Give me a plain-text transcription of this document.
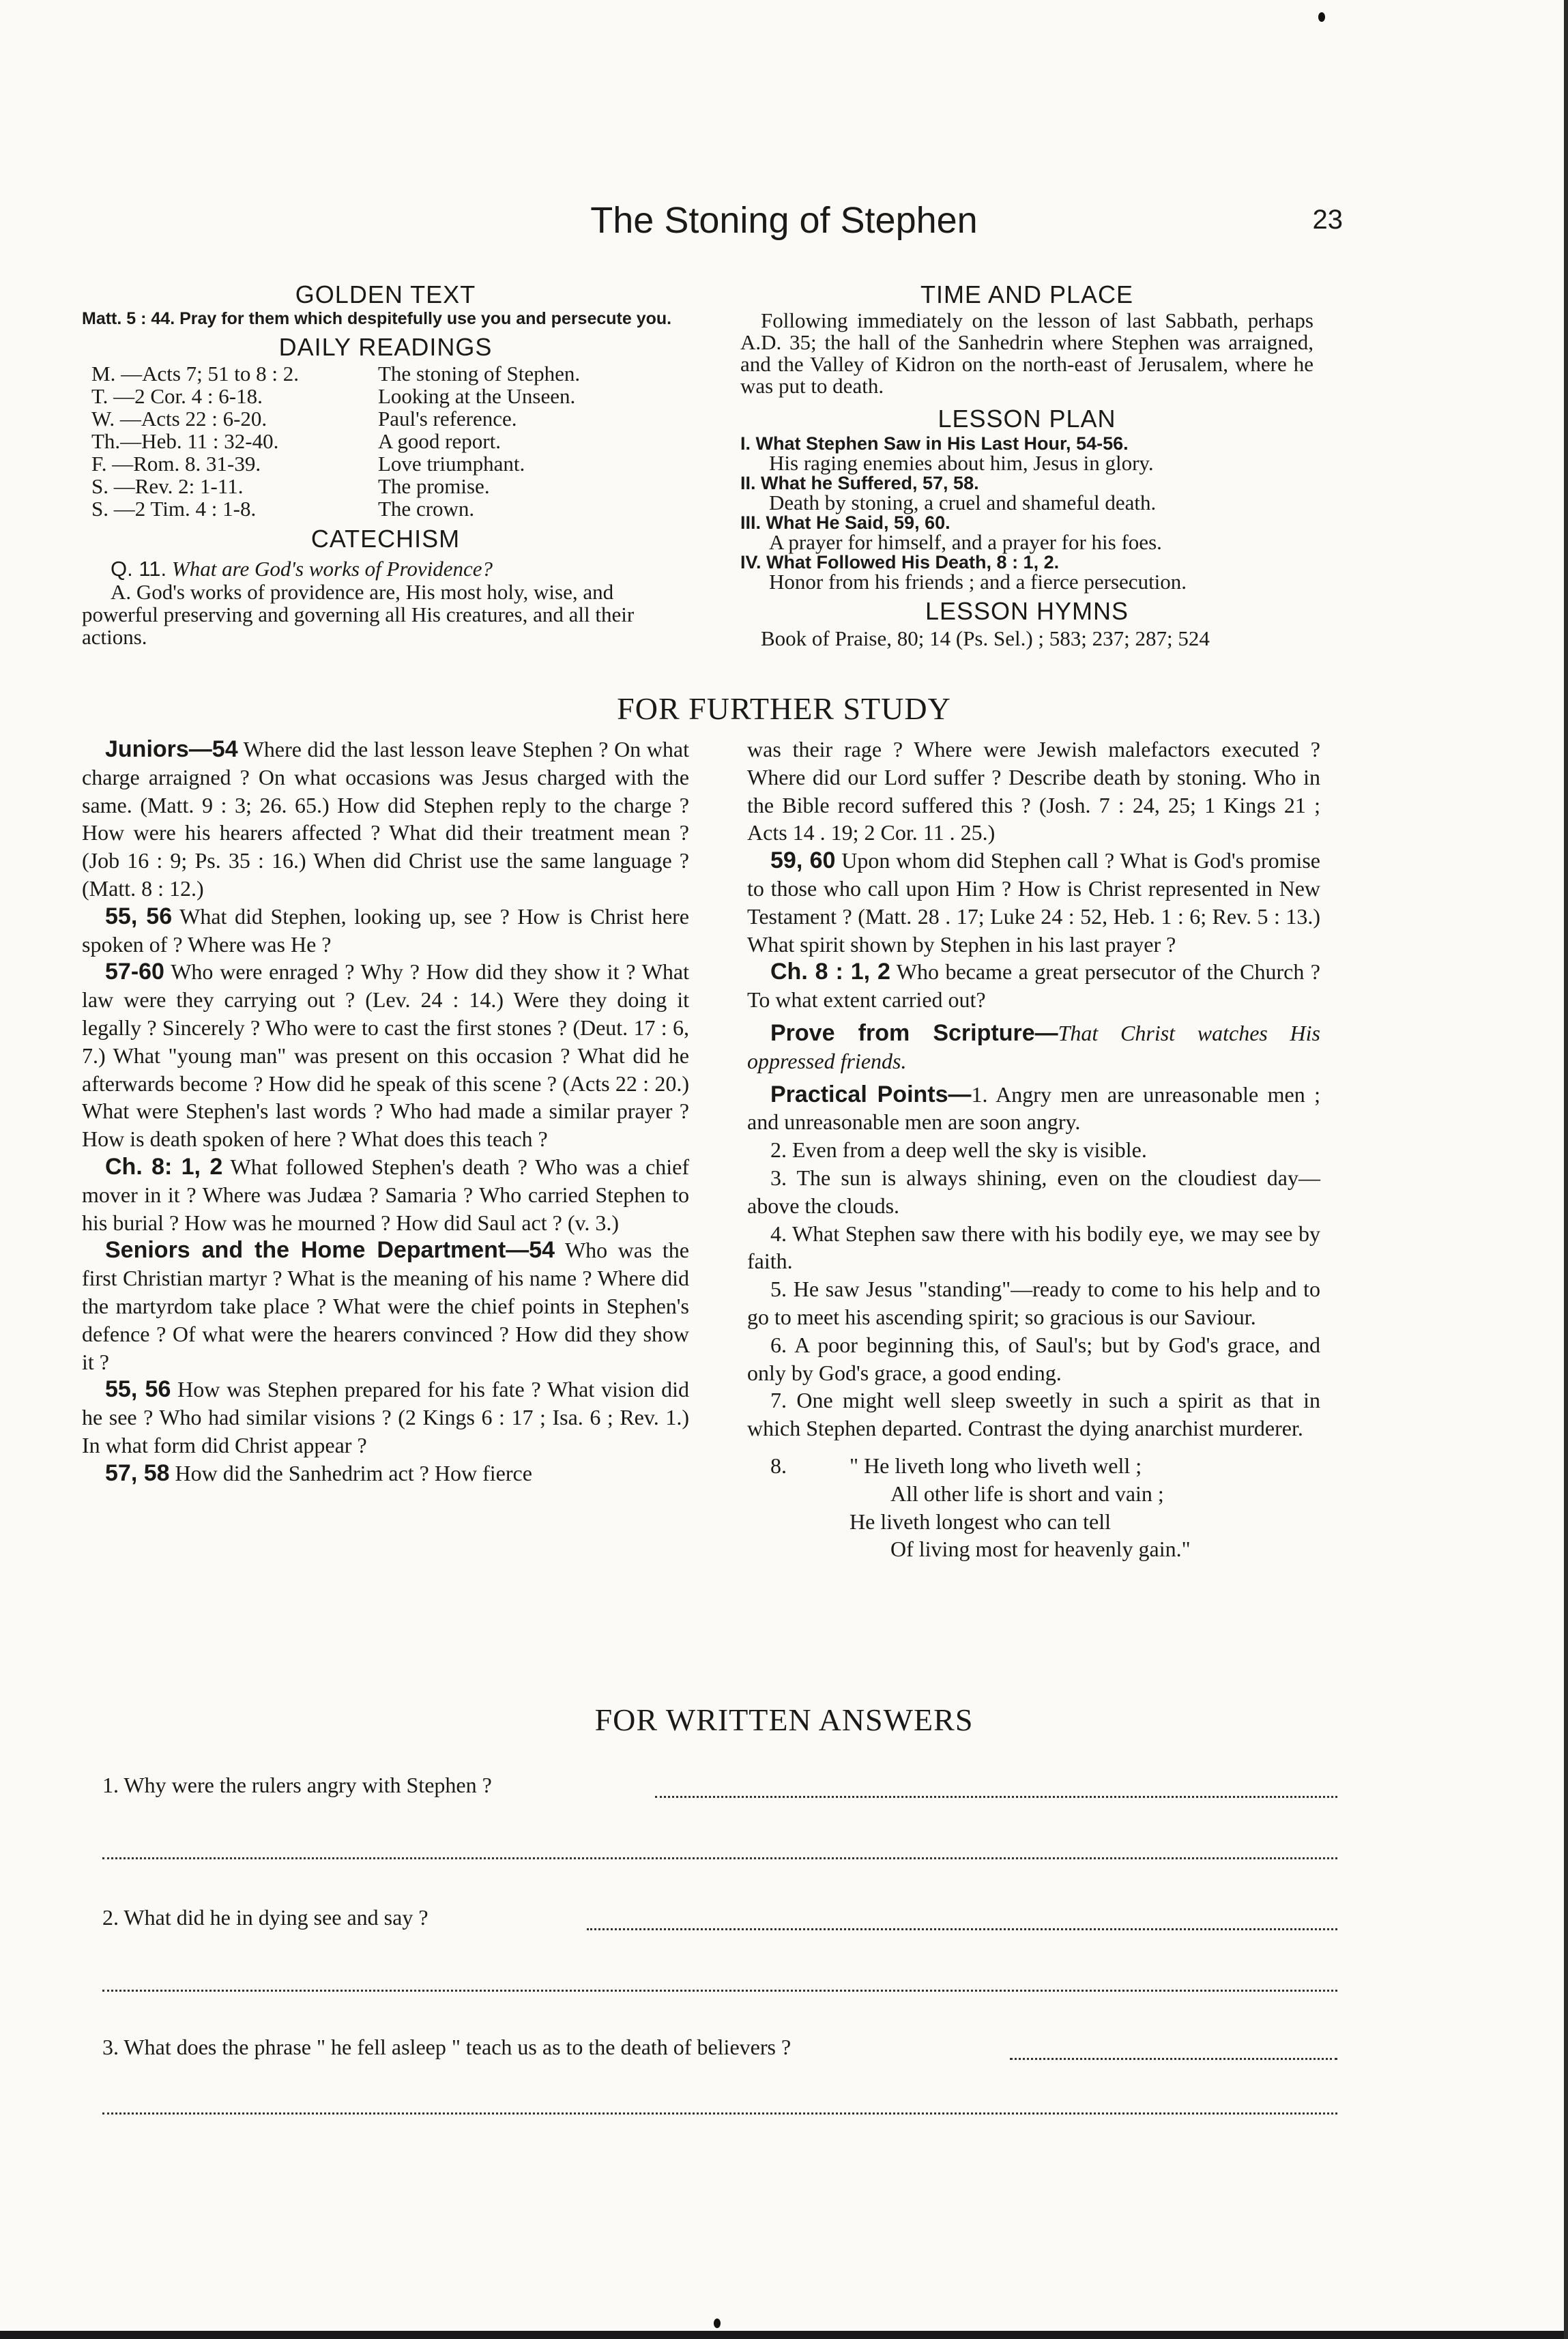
The Stoning of Stephen	23
GOLDEN TEXT
Matt. 5 : 44. Pray for them which despitefully use you and persecute you.
DAILY READINGS
M. —Acts 7; 51 to 8 : 2.	The stoning of Stephen.
T. —2 Cor. 4 : 6-18.	Looking at the Unseen.
W. —Acts 22 : 6-20.	Paul's reference.
Th.—Heb. 11 : 32-40.	A good report.
F. —Rom. 8. 31-39.	Love triumphant.
S. —Rev. 2: 1-11.	The promise.
S. —2 Tim. 4 : 1-8.	The crown.
CATECHISM
Q. 11. What are God's works of Providence?
A. God's works of providence are, His most holy, wise, and powerful preserving and governing all His creatures, and all their actions.
TIME AND PLACE
Following immediately on the lesson of last Sabbath, perhaps A.D. 35; the hall of the Sanhedrin where Stephen was arraigned, and the Valley of Kidron on the north-east of Jerusalem, where he was put to death.
LESSON PLAN
I. What Stephen Saw in His Last Hour, 54-56.
His raging enemies about him, Jesus in glory.
II. What he Suffered, 57, 58.
Death by stoning, a cruel and shameful death.
III. What He Said, 59, 60.
A prayer for himself, and a prayer for his foes.
IV. What Followed His Death, 8 : 1, 2.
Honor from his friends ; and a fierce persecution.
LESSON HYMNS
Book of Praise, 80; 14 (Ps. Sel.) ; 583; 237; 287; 524
FOR FURTHER STUDY

Juniors—54 Where did the last lesson leave Stephen ? On what charge arraigned ? On what occasions was Jesus charged with the same. (Matt. 9 : 3; 26. 65.) How did Stephen reply to the charge ? How were his hearers affected ? What did their treatment mean ? (Job 16 : 9; Ps. 35 : 16.) When did Christ use the same language ? (Matt. 8 : 12.)

55, 56 What did Stephen, looking up, see ? How is Christ here spoken of ? Where was He ?

57-60 Who were enraged ? Why ? How did they show it ? What law were they carrying out ? (Lev. 24 : 14.) Were they doing it legally ? Sincerely ? Who were to cast the first stones ? (Deut. 17 : 6, 7.) What "young man" was present on this occasion ? What did he afterwards become ? How did he speak of this scene ? (Acts 22 : 20.) What were Stephen's last words ? Who had made a similar prayer ? How is death spoken of here ? What does this teach ?

Ch. 8: 1, 2 What followed Stephen's death ? Who was a chief mover in it ? Where was Judæa ? Samaria ? Who carried Stephen to his burial ? How was he mourned ? How did Saul act ? (v. 3.)

Seniors and the Home Department—54 Who was the first Christian martyr ? What is the meaning of his name ? Where did the martyrdom take place ? What were the chief points in Stephen's defence ? Of what were the hearers convinced ? How did they show it ?

55, 56 How was Stephen prepared for his fate ? What vision did he see ? Who had similar visions ? (2 Kings 6 : 17 ; Isa. 6 ; Rev. 1.) In what form did Christ appear ?

57, 58 How did the Sanhedrim act ? How fierce

was their rage ? Where were Jewish malefactors executed ? Where did our Lord suffer ? Describe death by stoning. Who in the Bible record suffered this ? (Josh. 7 : 24, 25; 1 Kings 21 ; Acts 14 . 19; 2 Cor. 11 . 25.)

59, 60 Upon whom did Stephen call ? What is God's promise to those who call upon Him ? How is Christ represented in New Testament ? (Matt. 28 . 17; Luke 24 : 52, Heb. 1 : 6; Rev. 5 : 13.) What spirit shown by Stephen in his last prayer ?

Ch. 8 : 1, 2 Who became a great persecutor of the Church ? To what extent carried out?

Prove from Scripture—That Christ watches His oppressed friends.

Practical Points—1. Angry men are unreasonable men ; and unreasonable men are soon angry.

2. Even from a deep well the sky is visible.

3. The sun is always shining, even on the cloudiest day—above the clouds.

4. What Stephen saw there with his bodily eye, we may see by faith.

5. He saw Jesus "standing"—ready to come to his help and to go to meet his ascending spirit; so gracious is our Saviour.

6. A poor beginning this, of Saul's; but by God's grace, and only by God's grace, a good ending.

7. One might well sleep sweetly in such a spirit as that in which Stephen departed. Contrast the dying anarchist murderer.

8.	" He liveth long who liveth well ;
All other life is short and vain ;
He liveth longest who can tell
Of living most for heavenly gain."
FOR WRITTEN ANSWERS
1. Why were the rulers angry with Stephen ?
2. What did he in dying see and say ?
3. What does the phrase " he fell asleep " teach us as to the death of believers ?
